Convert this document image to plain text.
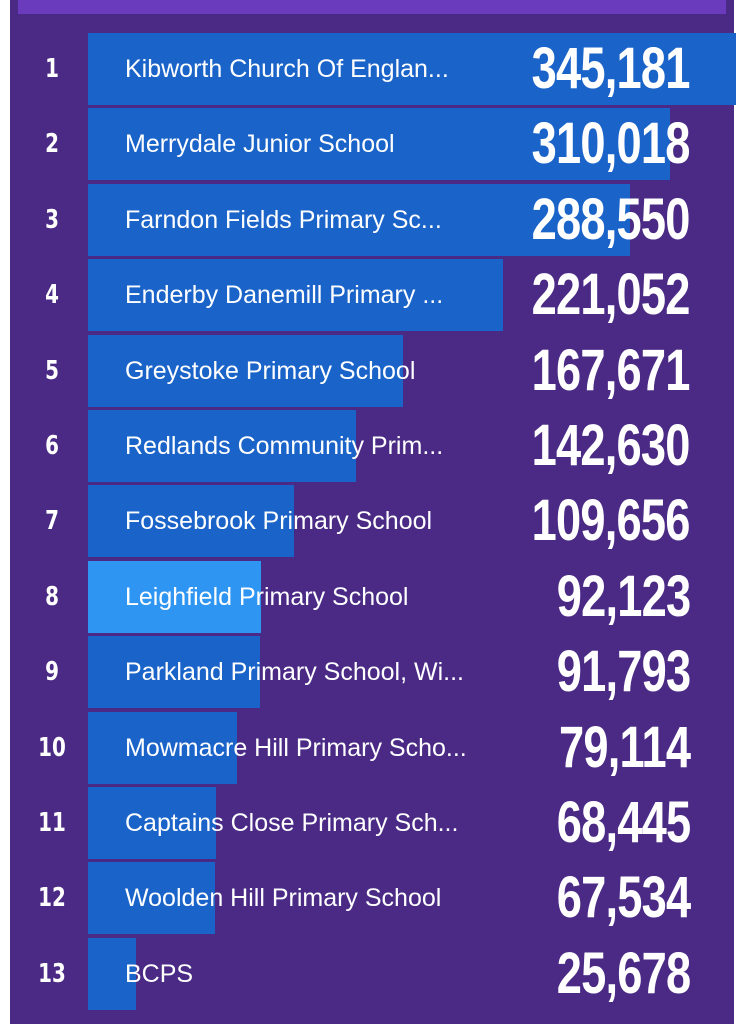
1	Kibworth Church Of Englan... 345,181
2	Merrydale Junior School 310,018
3	Farndon Fields Primary Sc... 288,550
4	Enderby Danemill Primary ... 221,052
5	Greystoke Primary School 167,671
6	Redlands Community Prim... 142,630
7	Fossebrook Primary School 109,656
8	Leighfield Primary School	92,123
9	Parkland Primary School, Wi... 91,793
10 Mowmacre Hill Primary Scho... 79,114
11 Captains Close Primary Sch... 68,445
12 Woolden Hill Primary School 67,534
13 BCPS	25,678
